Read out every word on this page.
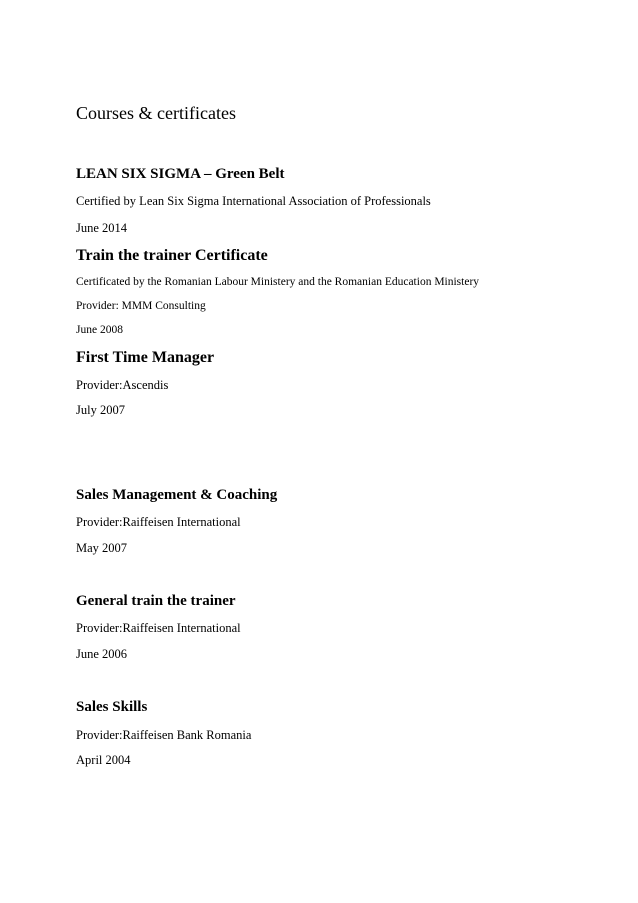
Courses & certificates
LEAN SIX SIGMA – Green Belt
Certified by Lean Six Sigma International Association of Professionals
June 2014
Train the trainer Certificate
Certificated by the Romanian Labour Ministery and the Romanian Education Ministery
Provider: MMM Consulting
June 2008
First Time Manager
Provider:Ascendis
July 2007
Sales Management & Coaching
Provider:Raiffeisen International
May 2007
General train the trainer
Provider:Raiffeisen International
June 2006
Sales Skills
Provider:Raiffeisen Bank Romania
April 2004
